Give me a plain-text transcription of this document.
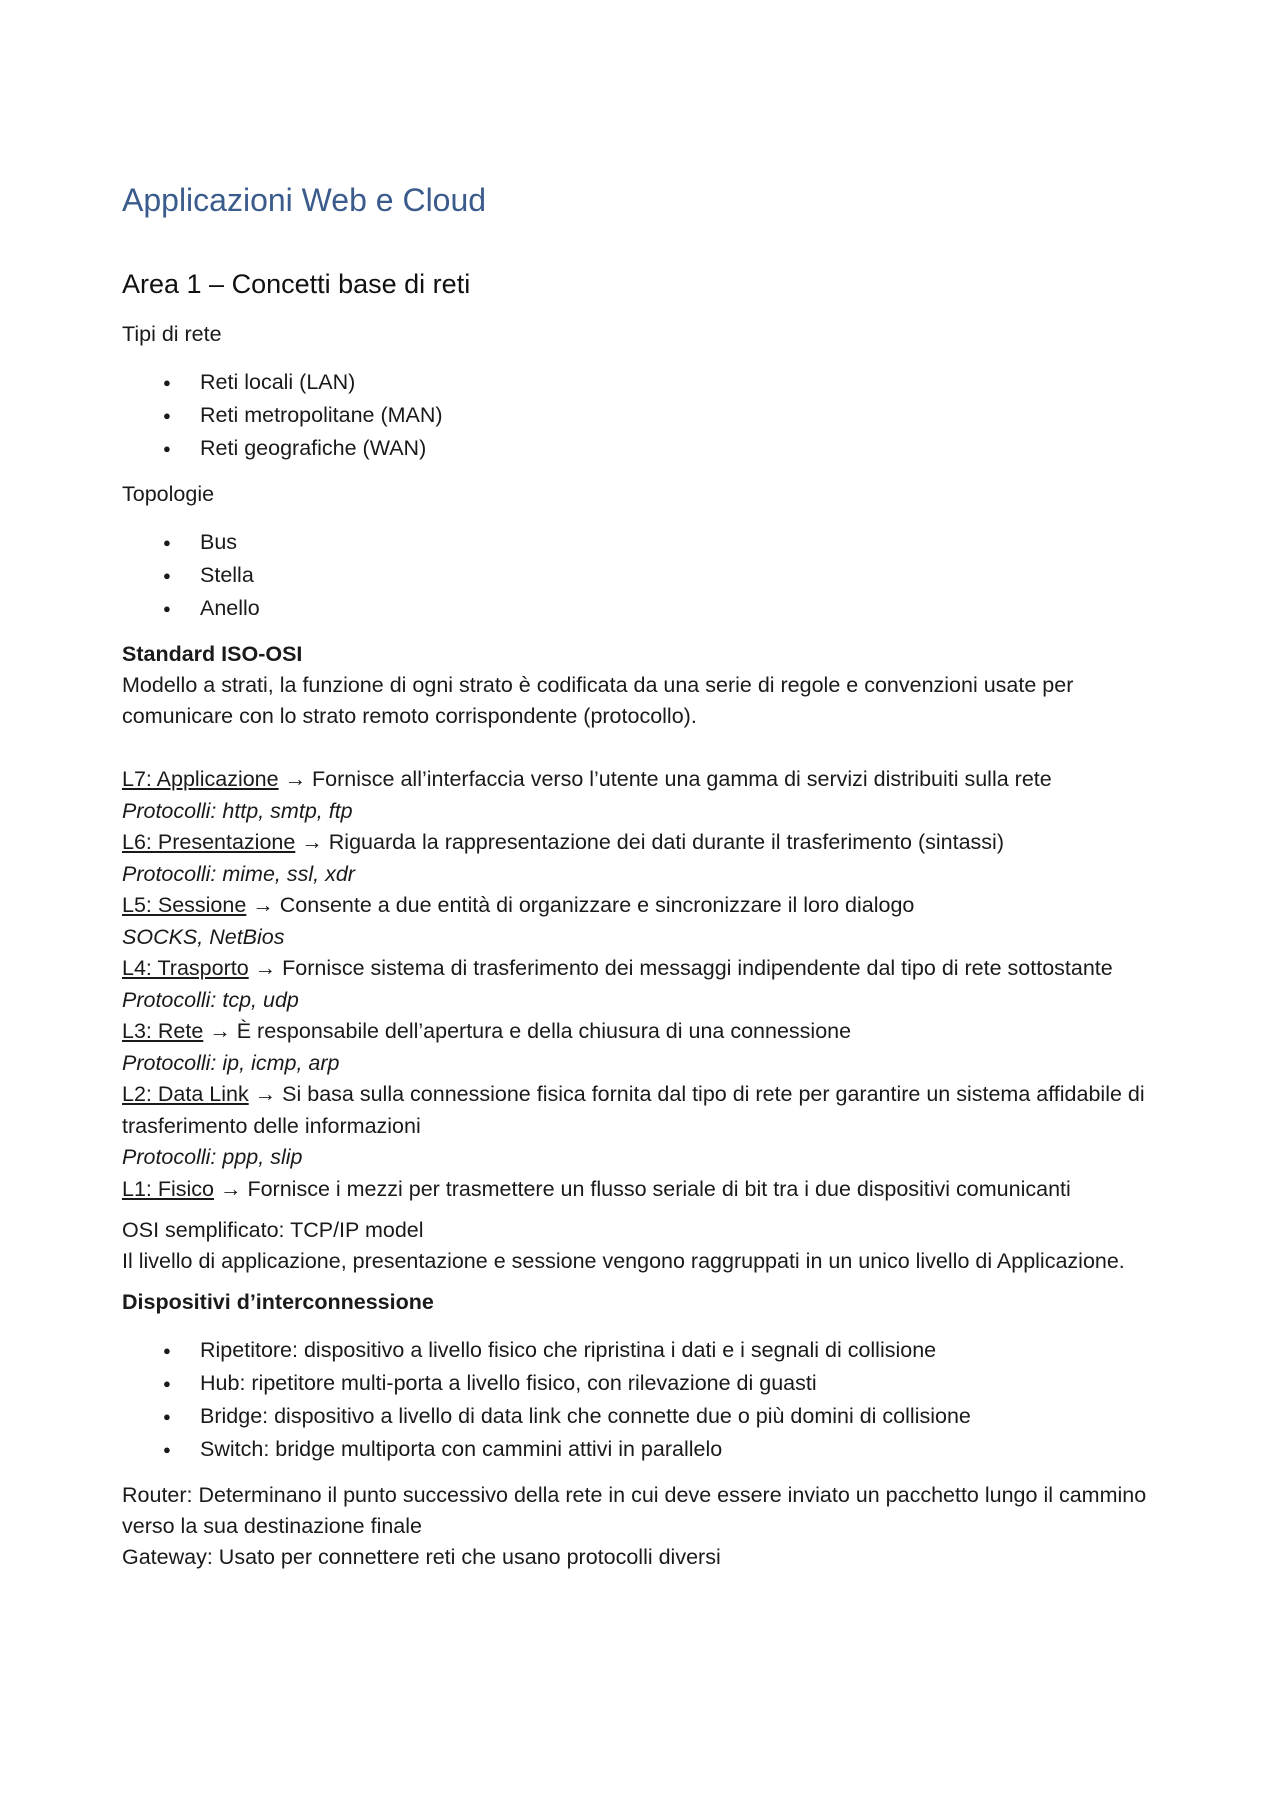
Applicazioni Web e Cloud
Area 1 – Concetti base di reti

Tipi di rete

● Reti locali (LAN)
● Reti metropolitane (MAN)
● Reti geografiche (WAN)

Topologie

● Bus
● Stella
● Anello

Standard ISO-OSI

Modello a strati, la funzione di ogni strato è codificata da una serie di regole e convenzioni usate per comunicare con lo strato remoto corrispondente (protocollo).

L7: Applicazione → Fornisce all’interfaccia verso l’utente una gamma di servizi distribuiti sulla rete

Protocolli: http, smtp, ftp

L6: Presentazione → Riguarda la rappresentazione dei dati durante il trasferimento (sintassi)

Protocolli: mime, ssl, xdr

L5: Sessione → Consente a due entità di organizzare e sincronizzare il loro dialogo

SOCKS, NetBios

L4: Trasporto → Fornisce sistema di trasferimento dei messaggi indipendente dal tipo di rete sottostante

Protocolli: tcp, udp

L3: Rete → È responsabile dell’apertura e della chiusura di una connessione

Protocolli: ip, icmp, arp

L2: Data Link → Si basa sulla connessione fisica fornita dal tipo di rete per garantire un sistema affidabile di trasferimento delle informazioni

Protocolli: ppp, slip

L1: Fisico → Fornisce i mezzi per trasmettere un flusso seriale di bit tra i due dispositivi comunicanti

OSI semplificato: TCP/IP model

Il livello di applicazione, presentazione e sessione vengono raggruppati in un unico livello di Applicazione.

Dispositivi d’interconnessione

● Ripetitore: dispositivo a livello fisico che ripristina i dati e i segnali di collisione
● Hub: ripetitore multi-porta a livello fisico, con rilevazione di guasti
● Bridge: dispositivo a livello di data link che connette due o più domini di collisione
● Switch: bridge multiporta con cammini attivi in parallelo

Router: Determinano il punto successivo della rete in cui deve essere inviato un pacchetto lungo il cammino verso la sua destinazione finale

Gateway: Usato per connettere reti che usano protocolli diversi
